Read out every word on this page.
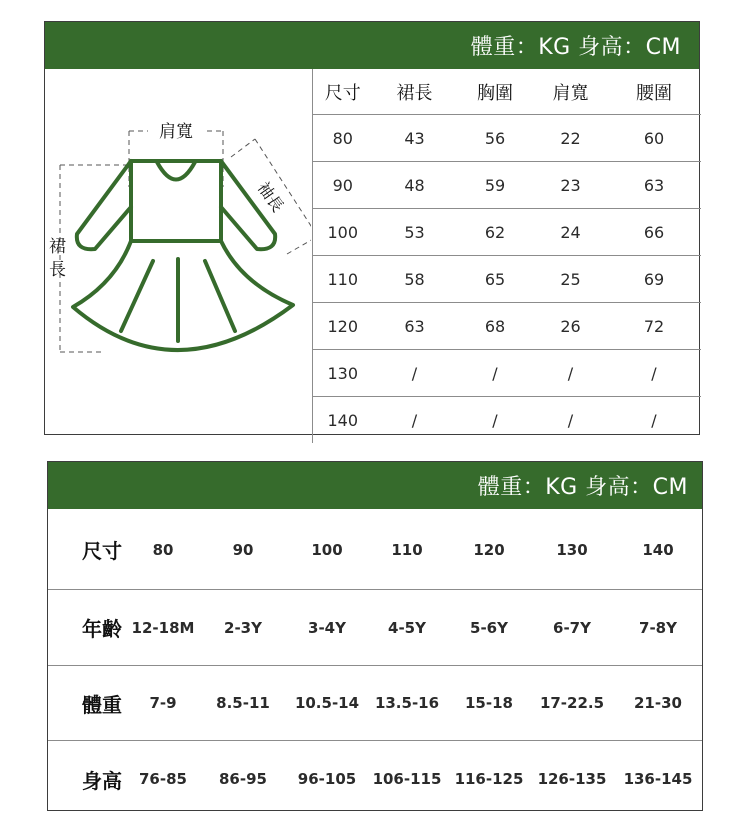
體重：KG 身高：CM
肩寬
裙
長
袖長
尺寸	裙長	胸圍	肩寬	腰圍
80	43	56	22	60
90	48	59	23	63
100	53	62	24	66
110	58	65	25	69
120	63	68	26	72
130	/	/	/	/
140	/	/	/	/
體重：KG 身高：CM
尺寸	80	90	100	110	120	130	140
年齡	12-18M	2-3Y	3-4Y	4-5Y	5-6Y	6-7Y	7-8Y
體重	7-9	8.5-11	10.5-14	13.5-16	15-18	17-22.5	21-30
身高	76-85	86-95	96-105	106-115	116-125	126-135	136-145
